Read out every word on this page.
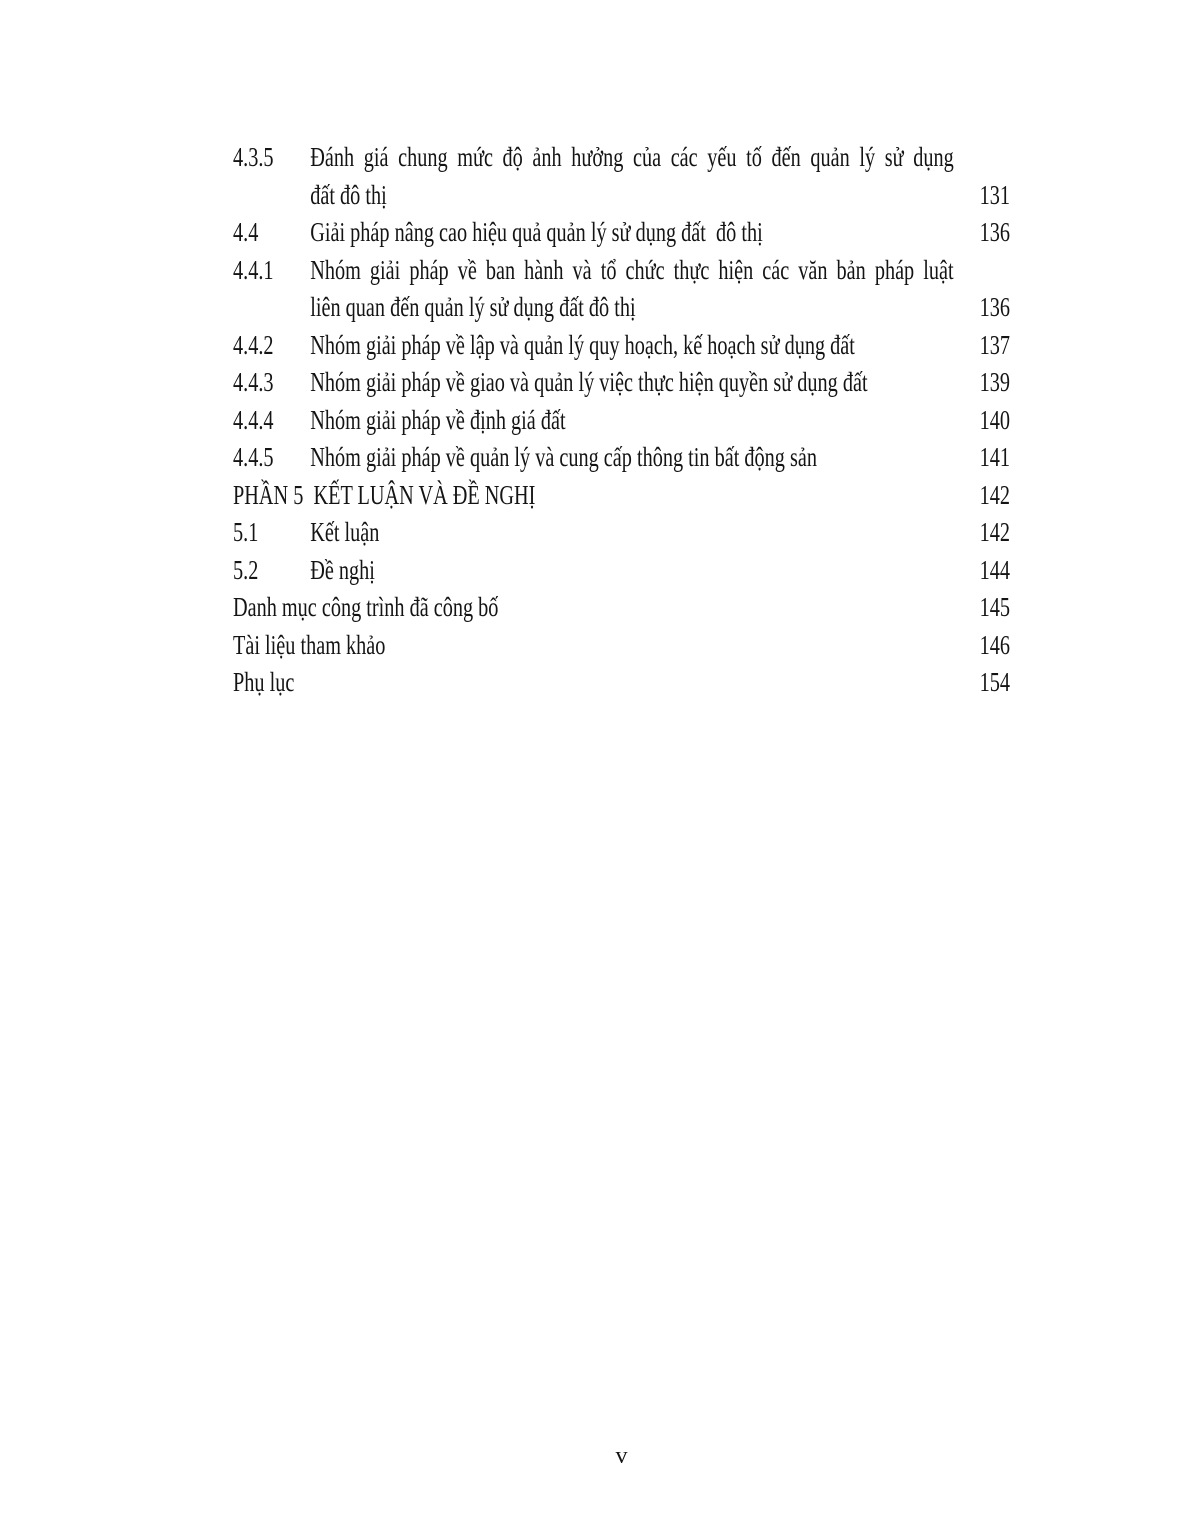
4.3.5	Đánh giá chung mức độ ảnh hưởng của các yếu tố đến quản lý sử dụng
đất đô thị	131
4.4	Giải pháp nâng cao hiệu quả quản lý sử dụng đất  đô thị	136
4.4.1	Nhóm giải pháp về ban hành và tổ chức thực hiện các văn bản pháp luật
liên quan đến quản lý sử dụng đất đô thị	136
4.4.2	Nhóm giải pháp về lập và quản lý quy hoạch, kế hoạch sử dụng đất	137
4.4.3	Nhóm giải pháp về giao và quản lý việc thực hiện quyền sử dụng đất	139
4.4.4	Nhóm giải pháp về định giá đất	140
4.4.5	Nhóm giải pháp về quản lý và cung cấp thông tin bất động sản	141
PHẦN 5  KẾT LUẬN VÀ ĐỀ NGHỊ	142
5.1	Kết luận	142
5.2	Đề nghị	144
Danh mục công trình đã công bố	145
Tài liệu tham khảo	146
Phụ lục	154
v
